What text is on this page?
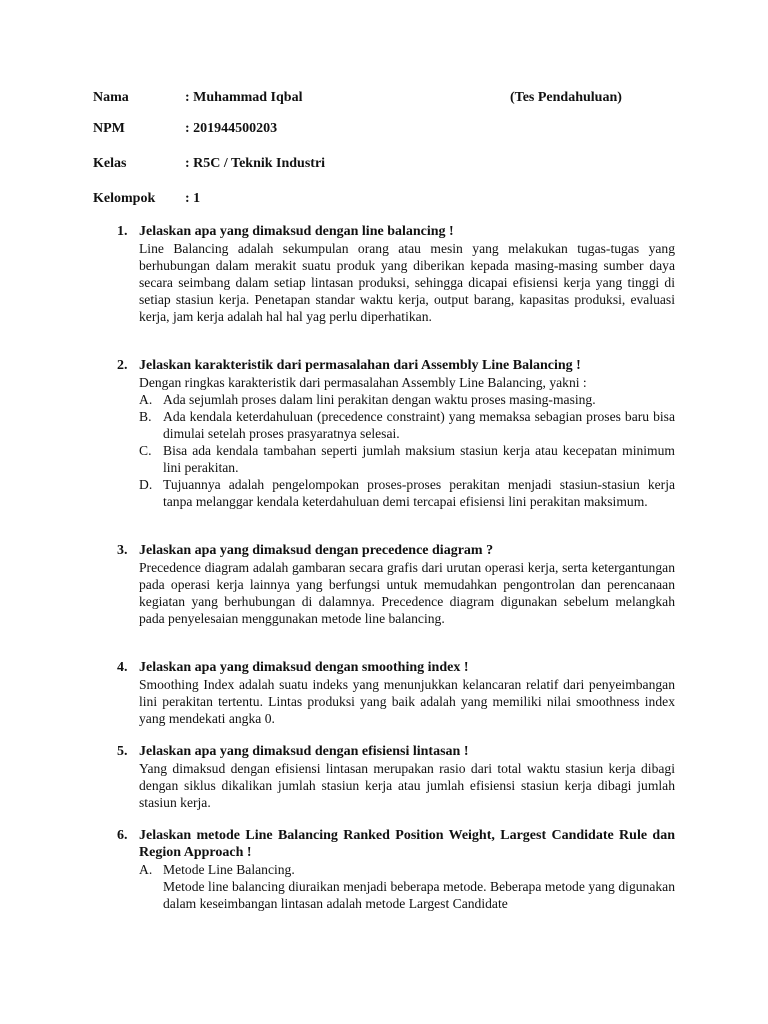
Nama	: Muhammad Iqbal	(Tes Pendahuluan)
NPM	: 201944500203
Kelas	: R5C / Teknik Industri
Kelompok : 1
1. Jelaskan apa yang dimaksud dengan line balancing !
Line Balancing adalah sekumpulan orang atau mesin yang melakukan tugas-tugas yang berhubungan dalam merakit suatu produk yang diberikan kepada masing-masing sumber daya secara seimbang dalam setiap lintasan produksi, sehingga dicapai efisiensi kerja yang tinggi di setiap stasiun kerja. Penetapan standar waktu kerja, output barang, kapasitas produksi, evaluasi kerja, jam kerja adalah hal hal yag perlu diperhatikan.
2. Jelaskan karakteristik dari permasalahan dari Assembly Line Balancing !
Dengan ringkas karakteristik dari permasalahan Assembly Line Balancing, yakni :
A. Ada sejumlah proses dalam lini perakitan dengan waktu proses masing-masing.
B. Ada kendala keterdahuluan (precedence constraint) yang memaksa sebagian proses baru bisa dimulai setelah proses prasyaratnya selesai.
C. Bisa ada kendala tambahan seperti jumlah maksium stasiun kerja atau kecepatan minimum lini perakitan.
D. Tujuannya adalah pengelompokan proses-proses perakitan menjadi stasiun-stasiun kerja tanpa melanggar kendala keterdahuluan demi tercapai efisiensi lini perakitan maksimum.
3. Jelaskan apa yang dimaksud dengan precedence diagram ?
Precedence diagram adalah gambaran secara grafis dari urutan operasi kerja, serta ketergantungan pada operasi kerja lainnya yang berfungsi untuk memudahkan pengontrolan dan perencanaan kegiatan yang berhubungan di dalamnya. Precedence diagram digunakan sebelum melangkah pada penyelesaian menggunakan metode line balancing.
4. Jelaskan apa yang dimaksud dengan smoothing index !
Smoothing Index adalah suatu indeks yang menunjukkan kelancaran relatif dari penyeimbangan lini perakitan tertentu. Lintas produksi yang baik adalah yang memiliki nilai smoothness index yang mendekati angka 0.
5. Jelaskan apa yang dimaksud dengan efisiensi lintasan !
Yang dimaksud dengan efisiensi lintasan merupakan rasio dari total waktu stasiun kerja dibagi dengan siklus dikalikan jumlah stasiun kerja atau jumlah efisiensi stasiun kerja dibagi jumlah stasiun kerja.
6. Jelaskan metode Line Balancing Ranked Position Weight, Largest Candidate Rule dan Region Approach !
A. Metode Line Balancing.
Metode line balancing diuraikan menjadi beberapa metode. Beberapa metode yang digunakan dalam keseimbangan lintasan adalah metode Largest Candidate
